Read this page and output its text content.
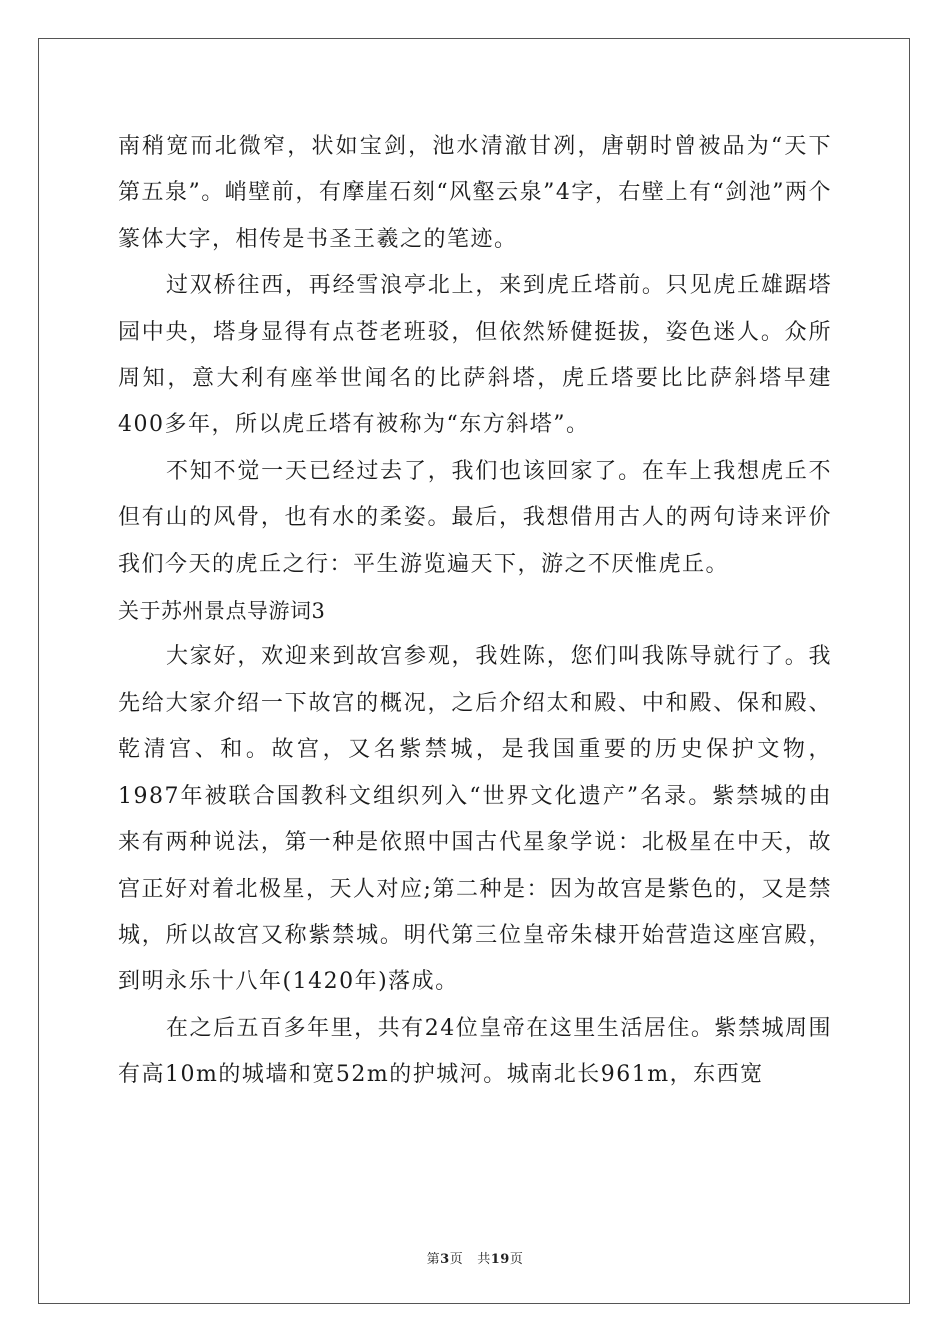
南稍宽而北微窄，状如宝剑，池水清澈甘冽，唐朝时曾被品为“天下第五泉”。峭壁前，有摩崖石刻“风壑云泉”4字，右壁上有“剑池”两个篆体大字，相传是书圣王羲之的笔迹。

过双桥往西，再经雪浪亭北上，来到虎丘塔前。只见虎丘雄踞塔园中央，塔身显得有点苍老班驳，但依然矫健挺拔，姿色迷人。众所周知，意大利有座举世闻名的比萨斜塔，虎丘塔要比比萨斜塔早建400多年，所以虎丘塔有被称为“东方斜塔”。

不知不觉一天已经过去了，我们也该回家了。在车上我想虎丘不但有山的风骨，也有水的柔姿。最后，我想借用古人的两句诗来评价我们今天的虎丘之行：平生游览遍天下，游之不厌惟虎丘。

关于苏州景点导游词3

大家好，欢迎来到故宫参观，我姓陈，您们叫我陈导就行了。我先给大家介绍一下故宫的概况，之后介绍太和殿、中和殿、保和殿、乾清宫、和。故宫，又名紫禁城，是我国重要的历史保护文物，1987年被联合国教科文组织列入“世界文化遗产”名录。紫禁城的由来有两种说法，第一种是依照中国古代星象学说：北极星在中天，故宫正好对着北极星，天人对应;第二种是：因为故宫是紫色的，又是禁城，所以故宫又称紫禁城。明代第三位皇帝朱棣开始营造这座宫殿，到明永乐十八年(1420年)落成。

在之后五百多年里，共有24位皇帝在这里生活居住。紫禁城周围有高10m的城墙和宽52m的护城河。城南北长961m，东西宽

第3页 共19页
